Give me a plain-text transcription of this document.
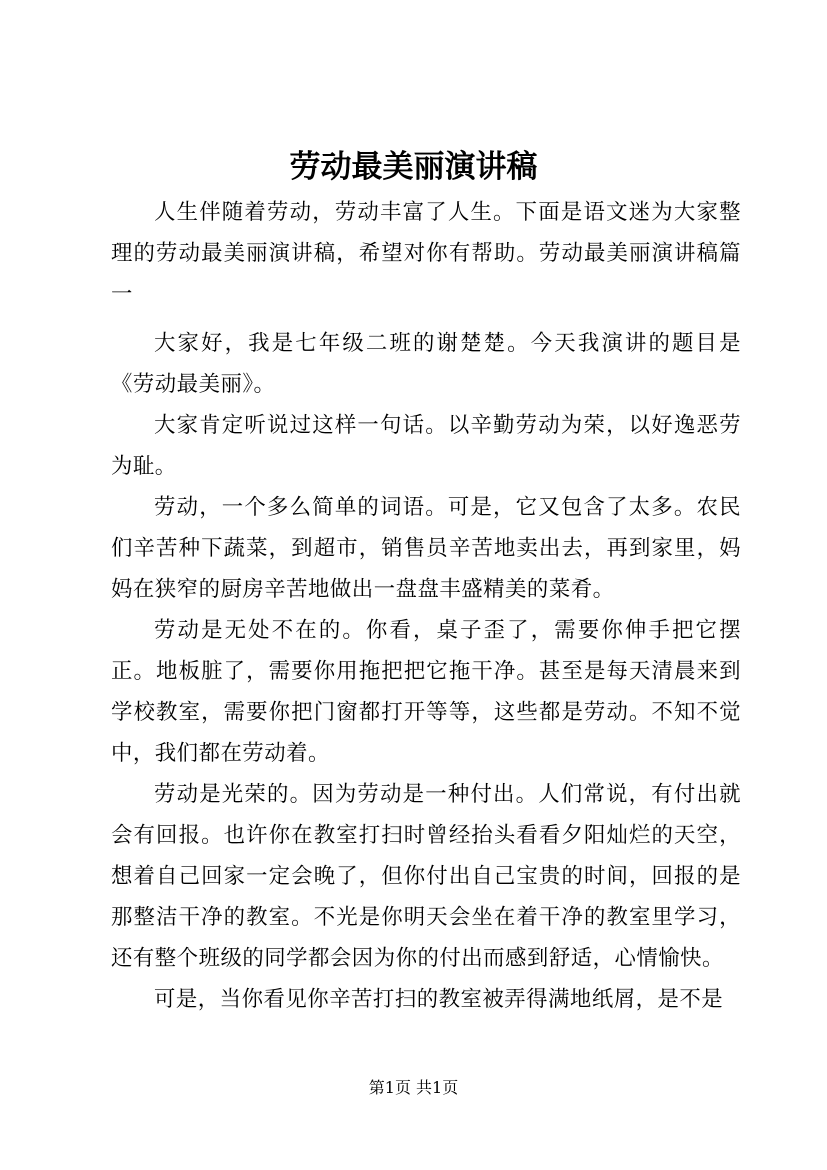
劳动最美丽演讲稿

人生伴随着劳动，劳动丰富了人生。下面是语文迷为大家整理的劳动最美丽演讲稿，希望对你有帮助。劳动最美丽演讲稿篇一

大家好，我是七年级二班的谢楚楚。今天我演讲的题目是《劳动最美丽》。

大家肯定听说过这样一句话。以辛勤劳动为荣，以好逸恶劳为耻。

劳动，一个多么简单的词语。可是，它又包含了太多。农民们辛苦种下蔬菜，到超市，销售员辛苦地卖出去，再到家里，妈妈在狭窄的厨房辛苦地做出一盘盘丰盛精美的菜肴。

劳动是无处不在的。你看，桌子歪了，需要你伸手把它摆正。地板脏了，需要你用拖把把它拖干净。甚至是每天清晨来到学校教室，需要你把门窗都打开等等，这些都是劳动。不知不觉中，我们都在劳动着。

劳动是光荣的。因为劳动是一种付出。人们常说，有付出就会有回报。也许你在教室打扫时曾经抬头看看夕阳灿烂的天空，想着自己回家一定会晚了，但你付出自己宝贵的时间，回报的是那整洁干净的教室。不光是你明天会坐在着干净的教室里学习，还有整个班级的同学都会因为你的付出而感到舒适，心情愉快。

可是，当你看见你辛苦打扫的教室被弄得满地纸屑，是不是

第1页 共1页
